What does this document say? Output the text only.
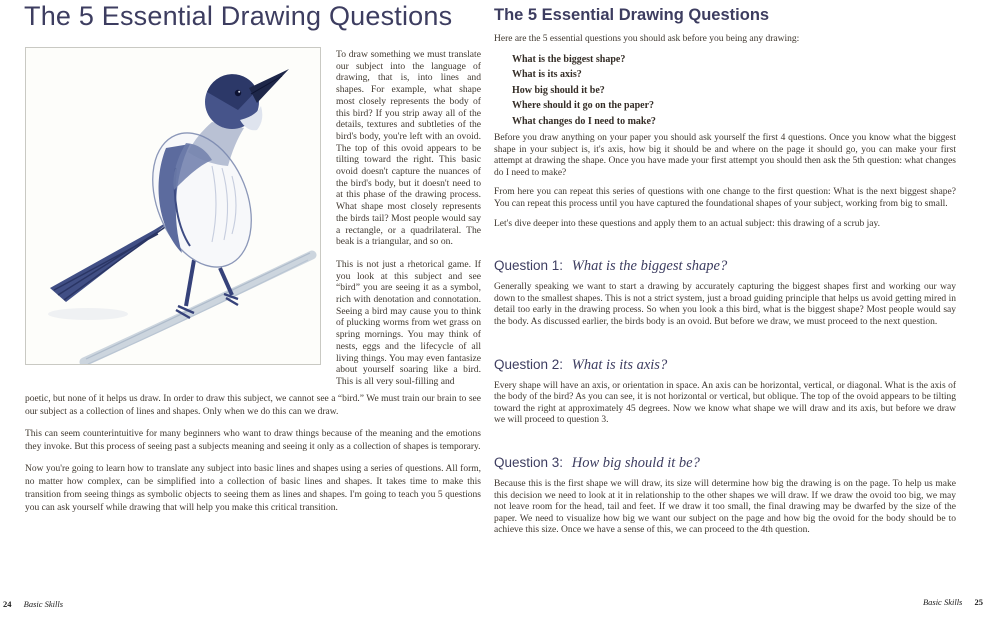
The 5 Essential Drawing Questions

To draw something we must translate our subject into the language of drawing, that is, into lines and shapes. For example, what shape most closely represents the body of this bird? If you strip away all of the details, textures and subtleties of the bird's body, you're left with an ovoid. The top of this ovoid appears to be tilting toward the right. This basic ovoid doesn't capture the nuances of the bird's body, but it doesn't need to at this phase of the drawing process. What shape most closely represents the birds tail? Most people would say a rectangle, or a quadrilateral. The beak is a triangular, and so on.

This is not just a rhetorical game. If you look at this subject and see “bird” you are seeing it as a symbol, rich with denotation and connotation. Seeing a bird may cause you to think of plucking worms from wet grass on spring mornings. You may think of nests, eggs and the lifecycle of all living things. You may even fantasize about yourself soaring like a bird. This is all very soul-filling and

poetic, but none of it helps us draw. In order to draw this subject, we cannot see a “bird.” We must train our brain to see our subject as a collection of lines and shapes. Only when we do this can we draw.

This can seem counterintuitive for many beginners who want to draw things because of the meaning and the emotions they invoke. But this process of seeing past a subjects meaning and seeing it only as a collection of shapes is temporary.

Now you're going to learn how to translate any subject into basic lines and shapes using a series of questions. All form, no matter how complex, can be simplified into a collection of basic lines and shapes. It takes time to make this transition from seeing things as symbolic objects to seeing them as lines and shapes. I'm going to teach you 5 questions you can ask yourself while drawing that will help you make this critical transition.

24 Basic Skills
The 5 Essential Drawing Questions

Here are the 5 essential questions you should ask before you being any drawing:

What is the biggest shape?
What is its axis?
How big should it be?
Where should it go on the paper?
What changes do I need to make?

Before you draw anything on your paper you should ask yourself the first 4 questions. Once you know what the biggest shape in your subject is, it's axis, how big it should be and where on the page it should go, you can make your first attempt at drawing the shape. Once you have made your first attempt you should then ask the 5th question: what changes do I need to make?

From here you can repeat this series of questions with one change to the first question: What is the next biggest shape? You can repeat this process until you have captured the foundational shapes of your subject, working from big to small.

Let's dive deeper into these questions and apply them to an actual subject: this drawing of a scrub jay.

Question 1: What is the biggest shape?

Generally speaking we want to start a drawing by accurately capturing the biggest shapes first and working our way down to the smallest shapes. This is not a strict system, just a broad guiding principle that helps us avoid getting mired in detail too early in the drawing process. So when you look a this bird, what is the biggest shape? Most people would say the body. As discussed earlier, the birds body is an ovoid. But before we draw, we must proceed to the next question.

Question 2: What is its axis?

Every shape will have an axis, or orientation in space. An axis can be horizontal, vertical, or diagonal. What is the axis of the body of the bird? As you can see, it is not horizontal or vertical, but oblique. The top of the ovoid appears to be tilting toward the right at approximately 45 degrees. Now we know what shape we will draw and its axis, but before we draw we will proceed to question 3.

Question 3: How big should it be?

Because this is the first shape we will draw, its size will determine how big the drawing is on the page. To help us make this decision we need to look at it in relationship to the other shapes we will draw. If we draw the ovoid too big, we may not leave room for the head, tail and feet. If we draw it too small, the final drawing may be dwarfed by the size of the paper. We need to visualize how big we want our subject on the page and how big the ovoid for the body should be to achieve this size. Once we have a sense of this, we can proceed to the 4th question.

Basic Skills 25
